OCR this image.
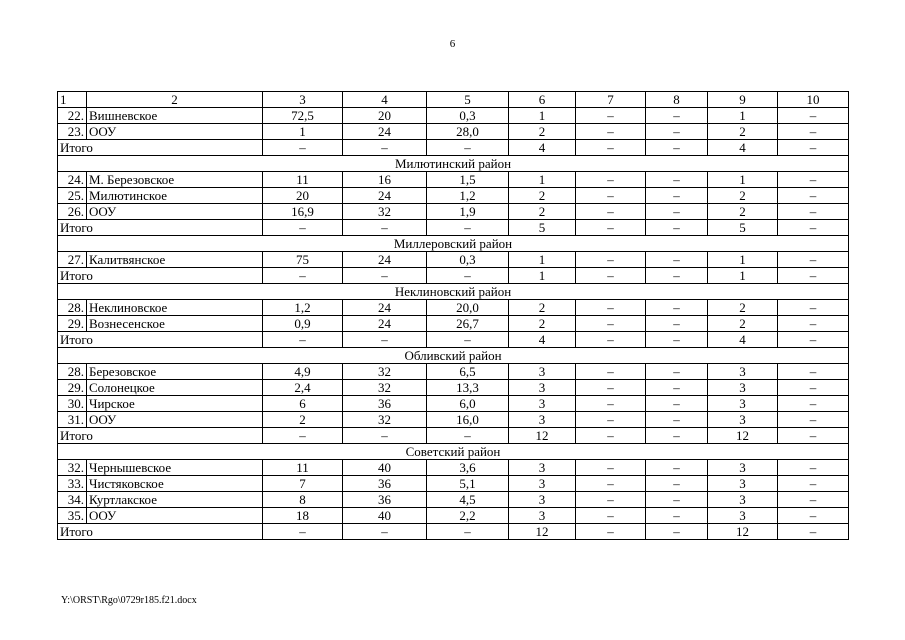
6
1	2	3	4	5	6	7	8	9	10
22.	Вишневское	72,5	20	0,3	1	–	–	1	–
23.	ООУ	1	24	28,0	2	–	–	2	–
Итого		–	–	–	4	–	–	4	–
Милютинский район									
24.	М. Березовское	11	16	1,5	1	–	–	1	–
25.	Милютинское	20	24	1,2	2	–	–	2	–
26.	ООУ	16,9	32	1,9	2	–	–	2	–
Итого		–	–	–	5	–	–	5	–
Миллеровский район									
27.	Калитвянское	75	24	0,3	1	–	–	1	–
Итого		–	–	–	1	–	–	1	–
Неклиновский район									
28.	Неклиновское	1,2	24	20,0	2	–	–	2	–
29.	Вознесенское	0,9	24	26,7	2	–	–	2	–
Итого		–	–	–	4	–	–	4	–
Обливский район									
28.	Березовское	4,9	32	6,5	3	–	–	3	–
29.	Солонецкое	2,4	32	13,3	3	–	–	3	–
30.	Чирское	6	36	6,0	3	–	–	3	–
31.	ООУ	2	32	16,0	3	–	–	3	–
Итого		–	–	–	12	–	–	12	–
Советский район									
32.	Чернышевское	11	40	3,6	3	–	–	3	–
33.	Чистяковское	7	36	5,1	3	–	–	3	–
34.	Куртлакское	8	36	4,5	3	–	–	3	–
35.	ООУ	18	40	2,2	3	–	–	3	–
Итого		–	–	–	12	–	–	12	–
Y:\ORST\Rgo\0729r185.f21.docx
